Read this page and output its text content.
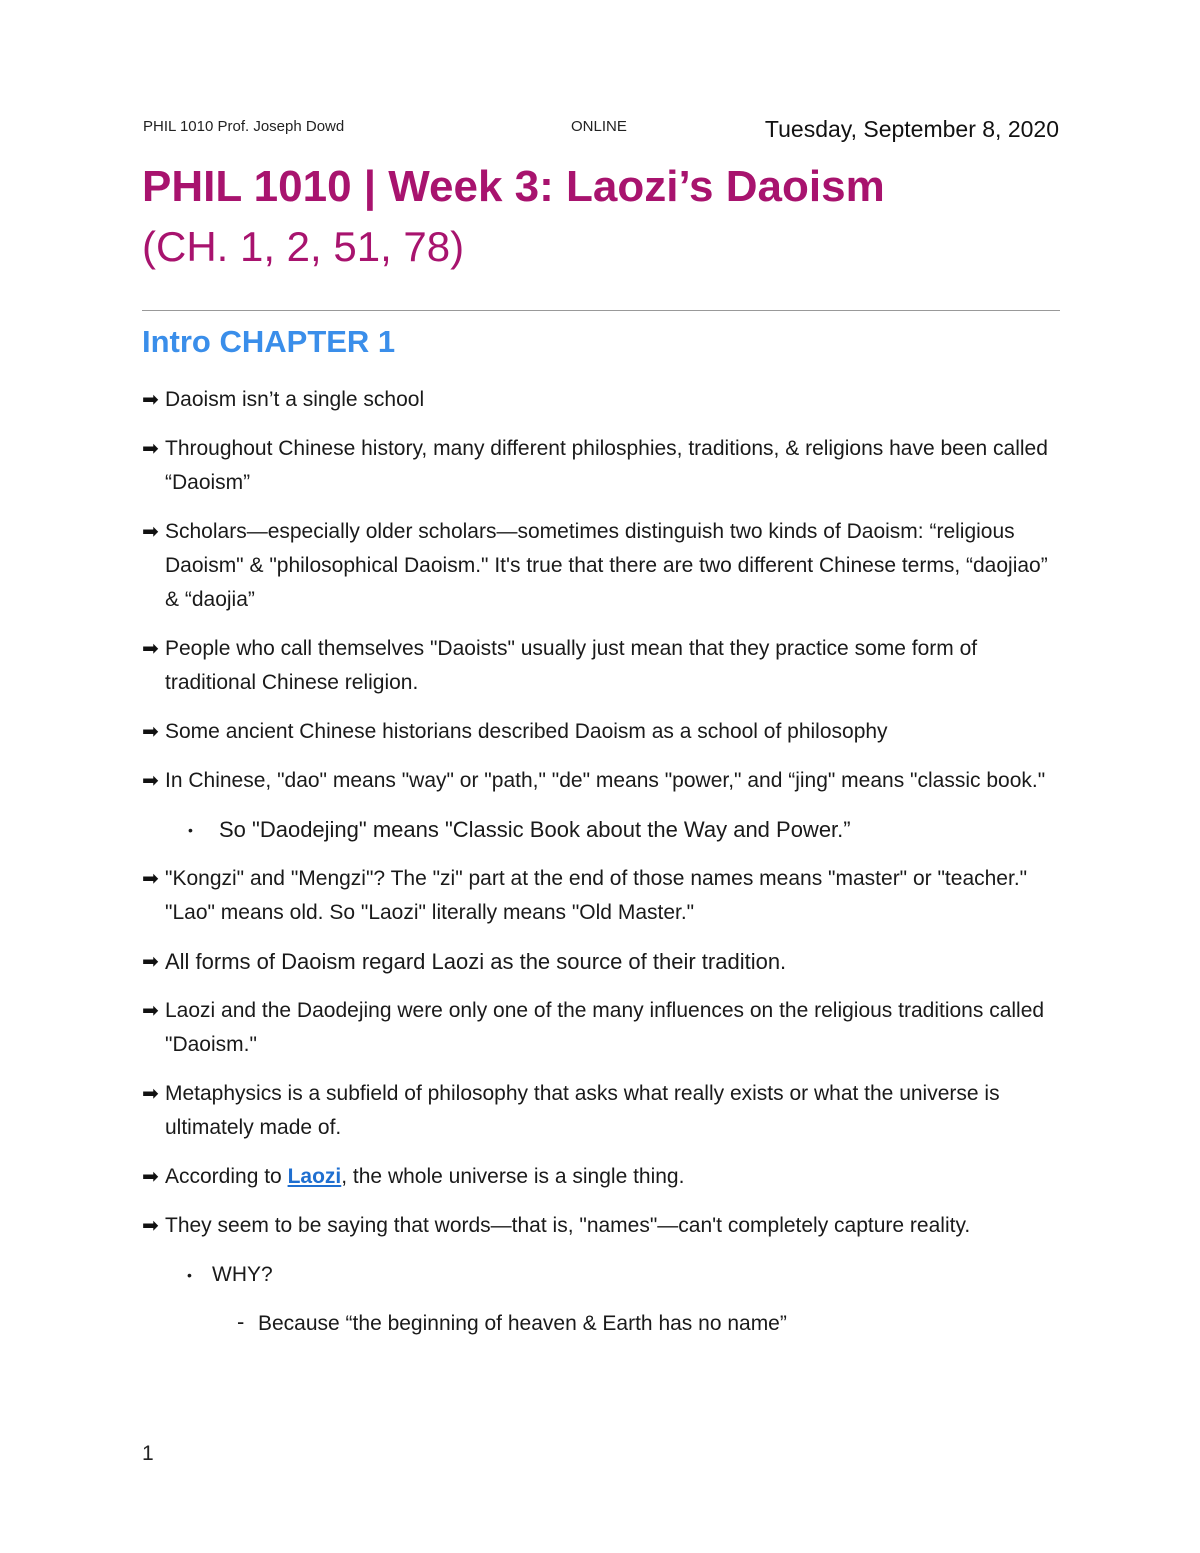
PHIL 1010 Prof. Joseph Dowd	ONLINE	Tuesday, September 8, 2020
PHIL 1010 | Week 3: Laozi’s Daoism
(CH. 1, 2, 51, 78)
Intro CHAPTER 1
➡ Daoism isn’t a single school
➡ Throughout Chinese history, many different philosphies, traditions, & religions have been called “Daoism”
➡ Scholars—especially older scholars—sometimes distinguish two kinds of Daoism: “religious Daoism" & "philosophical Daoism." It's true that there are two different Chinese terms, “daojiao” & “daojia”
➡ People who call themselves "Daoists" usually just mean that they practice some form of traditional Chinese religion.
➡ Some ancient Chinese historians described Daoism as a school of philosophy
➡ In Chinese, "dao" means "way" or "path," "de" means "power," and “jing" means "classic book."
• So "Daodejing" means "Classic Book about the Way and Power.”
➡ "Kongzi" and "Mengzi"? The "zi" part at the end of those names means "master" or "teacher." "Lao" means old. So "Laozi" literally means "Old Master."
➡ All forms of Daoism regard Laozi as the source of their tradition.
➡ Laozi and the Daodejing were only one of the many influences on the religious traditions called "Daoism."
➡ Metaphysics is a subfield of philosophy that asks what really exists or what the universe is ultimately made of.
➡ According to Laozi, the whole universe is a single thing.
➡ They seem to be saying that words—that is, "names"—can't completely capture reality.
• WHY?
- Because “the beginning of heaven & Earth has no name”
1
